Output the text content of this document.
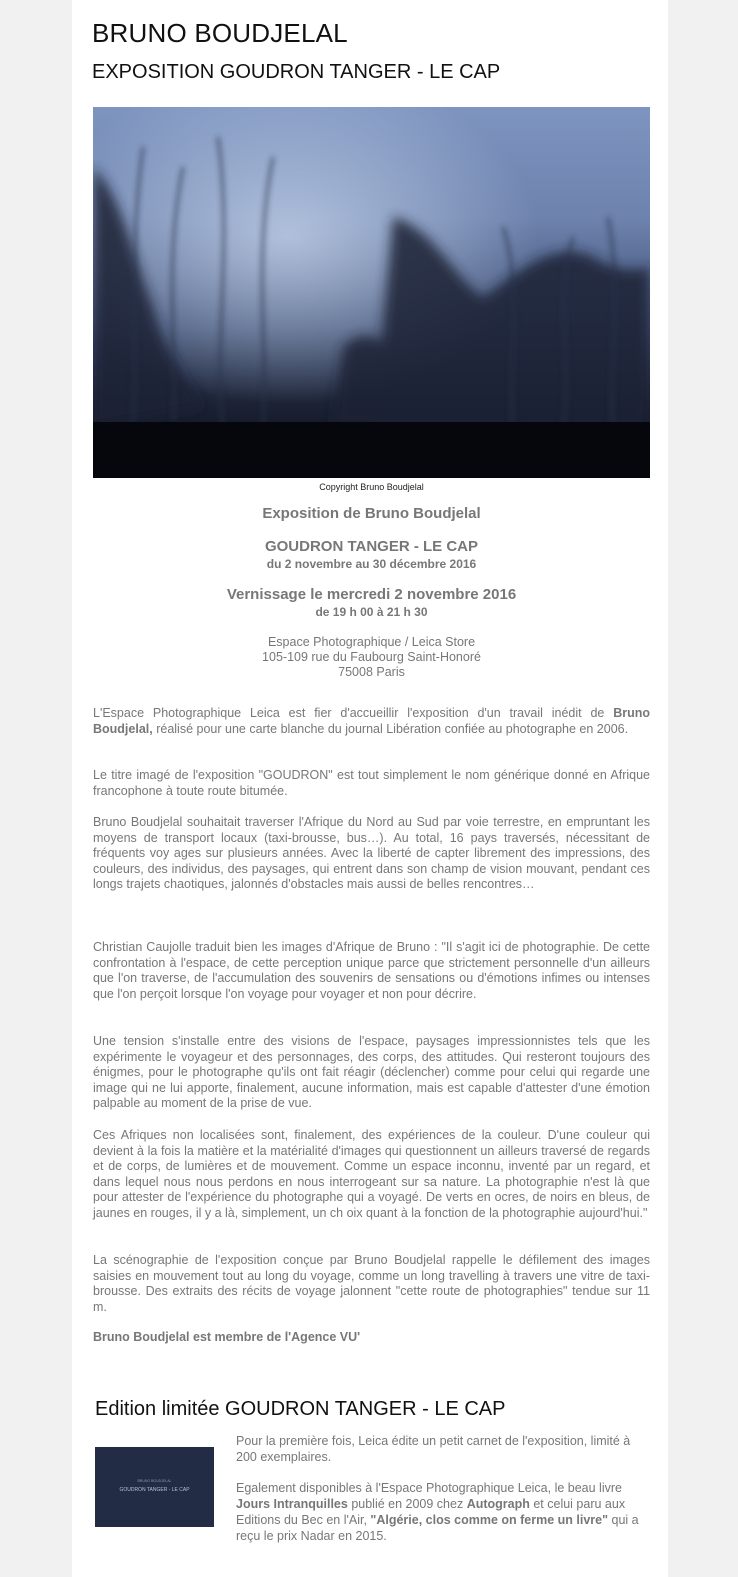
BRUNO BOUDJELAL
EXPOSITION GOUDRON TANGER - LE CAP
Copyright Bruno Boudjelal
Exposition de Bruno Boudjelal
GOUDRON TANGER - LE CAP
du 2 novembre au 30 décembre 2016
Vernissage le mercredi 2 novembre 2016
de 19 h 00 à 21 h 30
Espace Photographique / Leica Store
105-109 rue du Faubourg Saint-Honoré
75008 Paris
L'Espace Photographique Leica est fier d'accueillir l'exposition d'un travail inédit de Bruno Boudjelal, réalisé pour une carte blanche du journal Libération confiée au photographe en 2006.
Le titre imagé de l'exposition "GOUDRON" est tout simplement le nom générique donné en Afrique francophone à toute route bitumée.
Bruno Boudjelal souhaitait traverser l'Afrique du Nord au Sud par voie terrestre, en empruntant les moyens de transport locaux (taxi-brousse, bus…). Au total, 16 pays traversés, nécessitant de fréquents voy ages sur plusieurs années. Avec la liberté de capter librement des impressions, des couleurs, des individus, des paysages, qui entrent dans son champ de vision mouvant, pendant ces longs trajets chaotiques, jalonnés d'obstacles mais aussi de belles rencontres…
Christian Caujolle traduit bien les images d'Afrique de Bruno : "Il s'agit ici de photographie. De cette confrontation à l'espace, de cette perception unique parce que strictement personnelle d'un ailleurs que l'on traverse, de l'accumulation des souvenirs de sensations ou d'émotions infimes ou intenses que l'on perçoit lorsque l'on voyage pour voyager et non pour décrire.
Une tension s'installe entre des visions de l'espace, paysages impressionnistes tels que les expérimente le voyageur et des personnages, des corps, des attitudes. Qui resteront toujours des énigmes, pour le photographe qu'ils ont fait réagir (déclencher) comme pour celui qui regarde une image qui ne lui apporte, finalement, aucune information, mais est capable d'attester d'une émotion palpable au moment de la prise de vue.
Ces Afriques non localisées sont, finalement, des expériences de la couleur. D'une couleur qui devient à la fois la matière et la matérialité d'images qui questionnent un ailleurs traversé de regards et de corps, de lumières et de mouvement. Comme un espace inconnu, inventé par un regard, et dans lequel nous nous perdons en nous interrogeant sur sa nature. La photographie n'est là que pour attester de l'expérience du photographe qui a voyagé. De verts en ocres, de noirs en bleus, de jaunes en rouges, il y a là, simplement, un ch oix quant à la fonction de la photographie aujourd'hui."
La scénographie de l'exposition conçue par Bruno Boudjelal rappelle le défilement des images saisies en mouvement tout au long du voyage, comme un long travelling à travers une vitre de taxi-brousse. Des extraits des récits de voyage jalonnent "cette route de photographies" tendue sur 11 m.
Bruno Boudjelal est membre de l'Agence VU'
Edition limitée GOUDRON TANGER - LE CAP
BRUNO BOUDJELAL
GOUDRON TANGER - LE CAP
Pour la première fois, Leica édite un petit carnet de l'exposition, limité à 200 exemplaires.
Egalement disponibles à l'Espace Photographique Leica, le beau livre Jours Intranquilles publié en 2009 chez Autograph et celui paru aux Editions du Bec en l'Air, "Algérie, clos comme on ferme un livre" qui a reçu le prix Nadar en 2015.
